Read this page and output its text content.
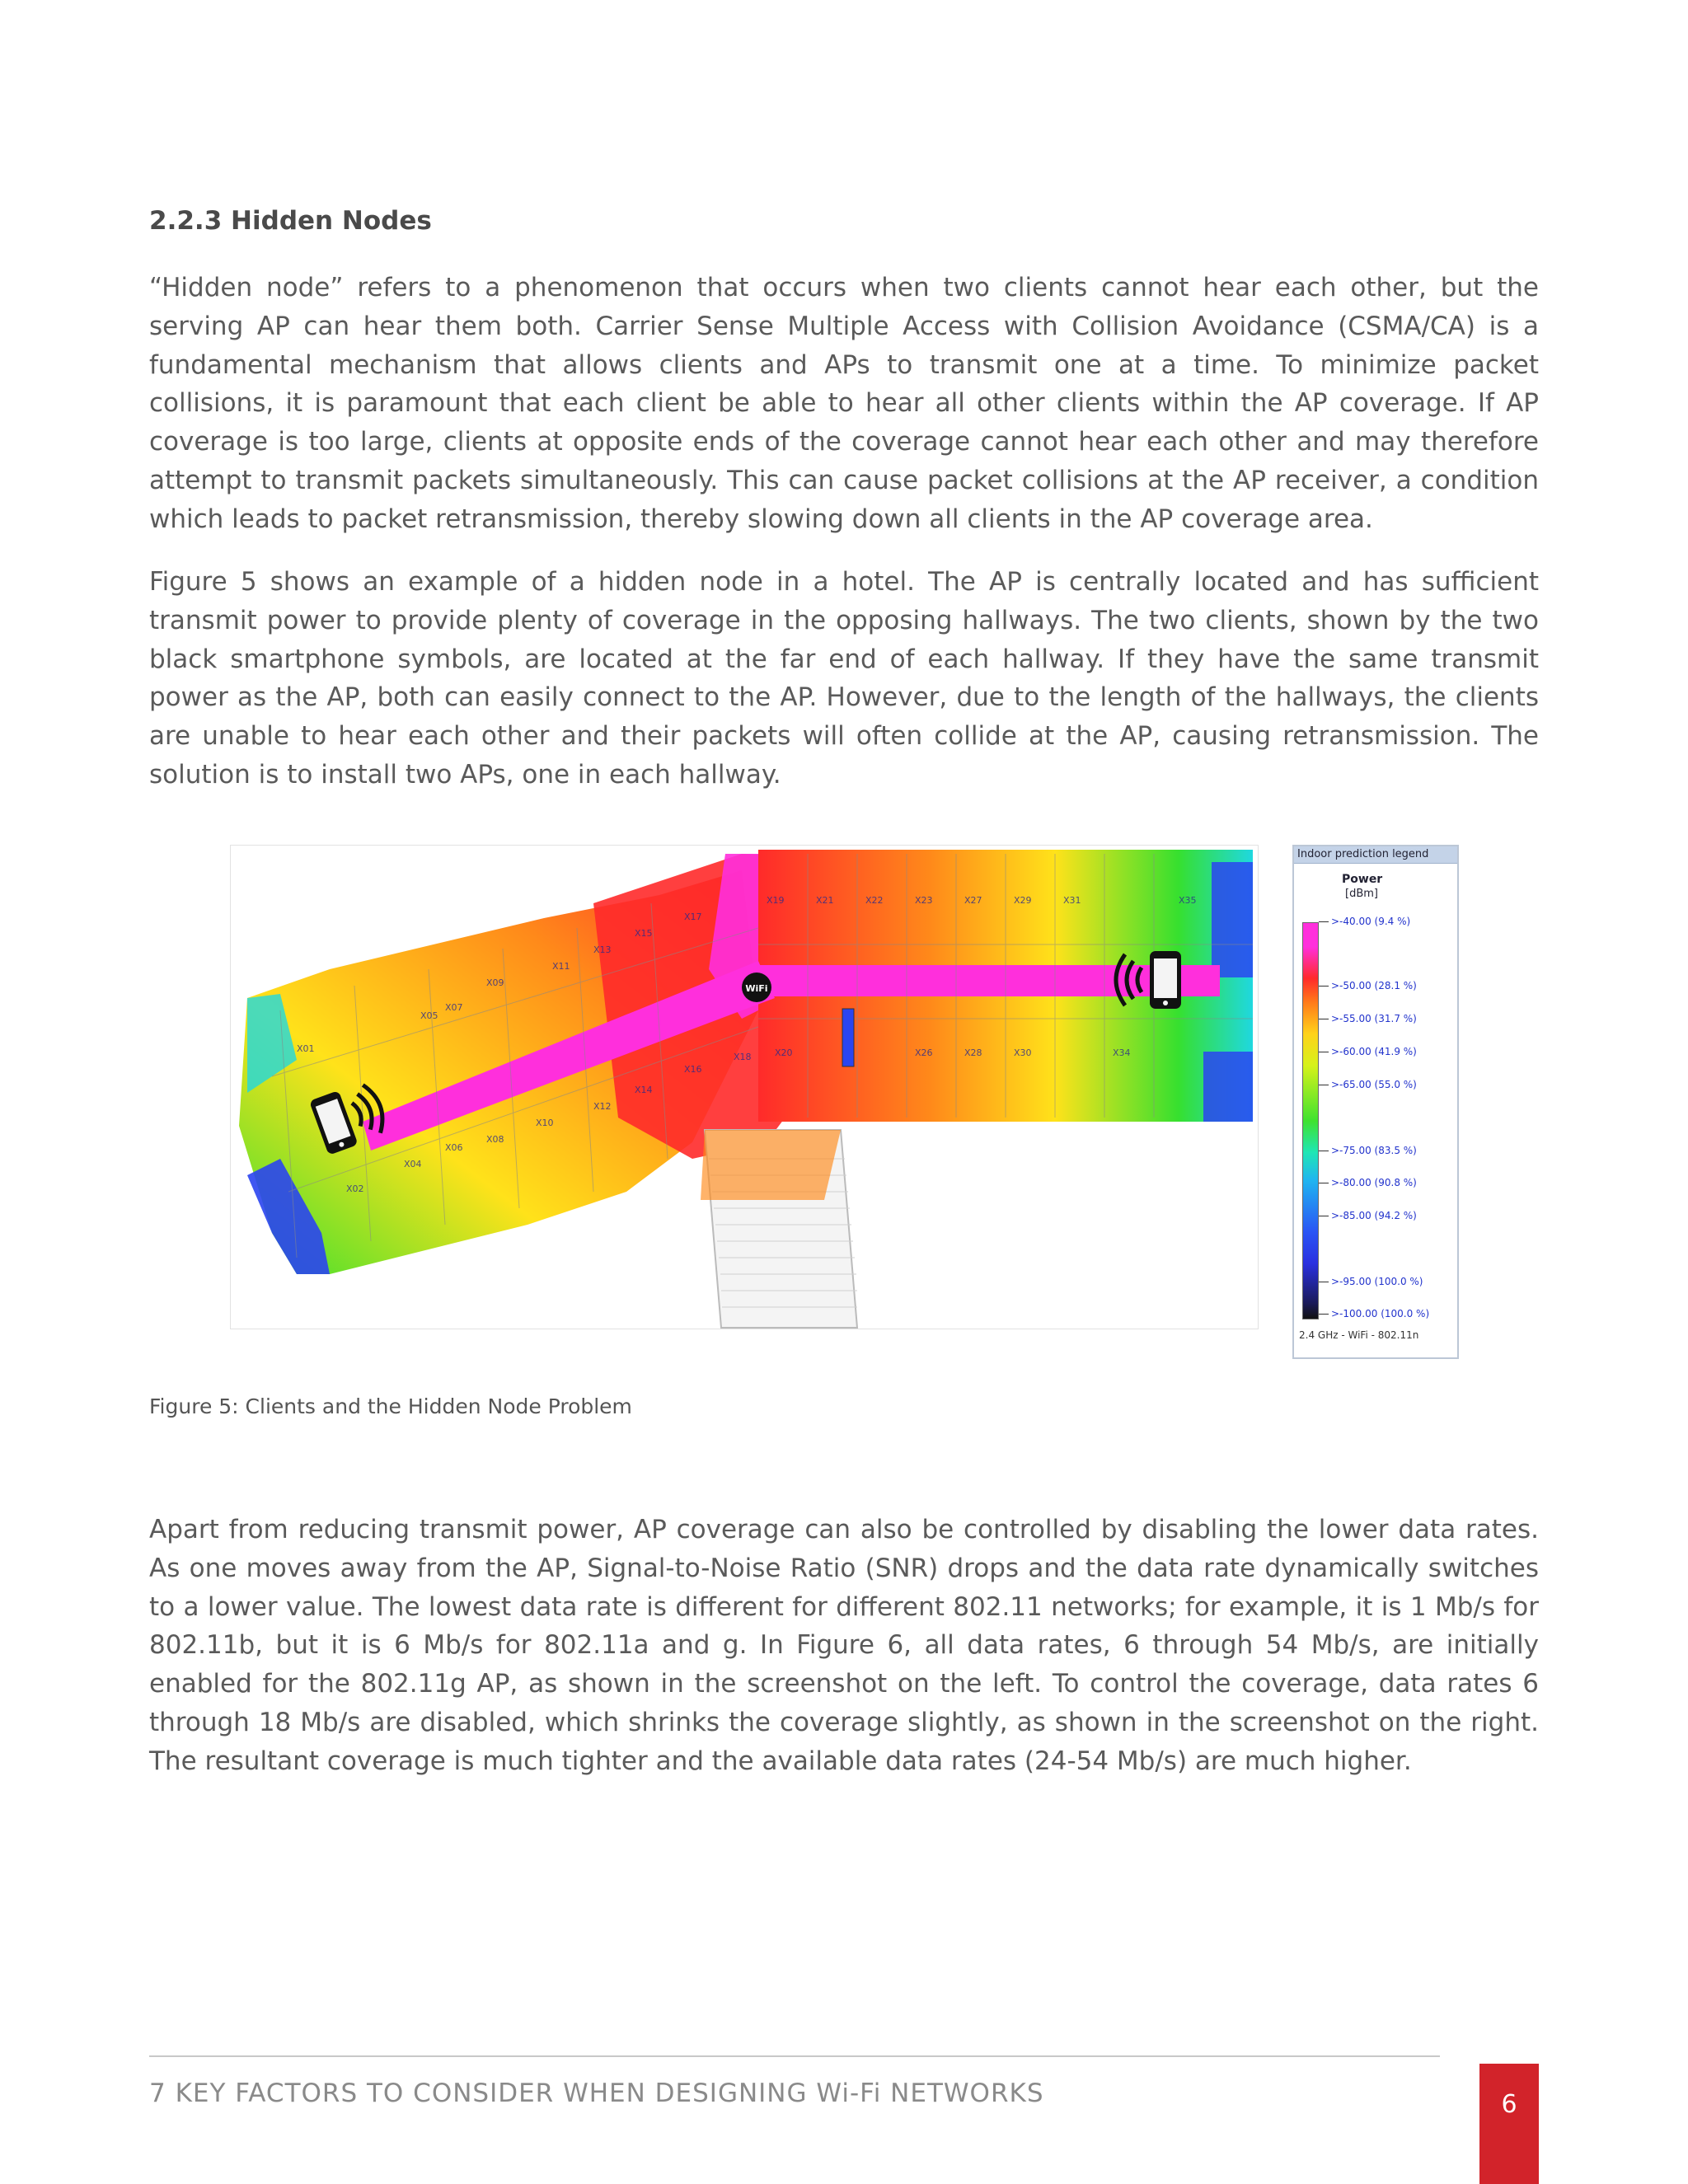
2.2.3 Hidden Nodes

“Hidden node” refers to a phenomenon that occurs when two clients cannot hear each other, but the serving AP can hear them both. Carrier Sense Multiple Access with Collision Avoidance (CSMA/CA) is a fundamental mechanism that allows clients and APs to transmit one at a time. To minimize packet collisions, it is paramount that each client be able to hear all other clients within the AP coverage. If AP coverage is too large, clients at opposite ends of the coverage cannot hear each other and may therefore attempt to transmit packets simultaneously. This can cause packet collisions at the AP receiver, a condition which leads to packet retransmission, thereby slowing down all clients in the AP coverage area.

Figure 5 shows an example of a hidden node in a hotel. The AP is centrally located and has sufficient transmit power to provide plenty of coverage in the opposing hallways. The two clients, shown by the two black smartphone symbols, are located at the far end of each hallway. If they have the same transmit power as the AP, both can easily connect to the AP. However, due to the length of the hallways, the clients are unable to hear each other and their packets will often collide at the AP, causing retransmission. The solution is to install two APs, one in each hallway.

X01
X02
X05
X04
X07
X06
X09
X08
X11
X10
X13
X12
X15
X14
X17
X16
X19
X18	X20
X21	X22	X23
X26
X27
X28
X29
X30
X31
X34
X35
WiFi
Indoor prediction legend
Power
[dBm]
>-40.00 (9.4 %)
>-50.00 (28.1 %)
>-55.00 (31.7 %)
>-60.00 (41.9 %)
>-65.00 (55.0 %)
>-75.00 (83.5 %)
>-80.00 (90.8 %)
>-85.00 (94.2 %)
>-95.00 (100.0 %)
>-100.00 (100.0 %)
2.4 GHz - WiFi - 802.11n

Figure 5: Clients and the Hidden Node Problem

Apart from reducing transmit power, AP coverage can also be controlled by disabling the lower data rates. As one moves away from the AP, Signal-to-Noise Ratio (SNR) drops and the data rate dynamically switches to a lower value. The lowest data rate is different for different 802.11 networks; for example, it is 1 Mb/s for 802.11b, but it is 6 Mb/s for 802.11a and g. In Figure 6, all data rates, 6 through 54 Mb/s, are initially enabled for the 802.11g AP, as shown in the screenshot on the left. To control the coverage, data rates 6 through 18 Mb/s are disabled, which shrinks the coverage slightly, as shown in the screenshot on the right. The resultant coverage is much tighter and the available data rates (24-54 Mb/s) are much higher.

7 KEY FACTORS TO CONSIDER WHEN DESIGNING Wi-Fi NETWORKS	6
